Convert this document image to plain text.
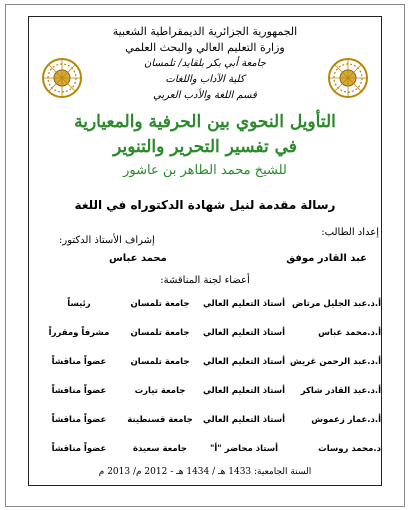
الجمهورية الجزائرية الديمقراطية الشعبية
وزارة التعليم العالي والبحث العلمي
جامعة أبي بكر بلقايد/ تلمسان
كلية الآداب واللغات
قسم اللغة والأدب العربي
التأويل النحوي بين الحرفية والمعيارية
في تفسير التحرير والتنوير
للشيخ محمد الطاهر بن عاشور
رسالة مقدمة لنيل شهادة الدكتوراه في اللغة
إعداد الطالب:
إشراف الأستاذ الدكتور:
عبد القادر موفق
محمد عباس
أعضاء لجنة المناقشة:
أ.د.عبد الجليل مرتاض
أستاذ التعليم العالي
جامعة تلمسان
رئيساً
أ.د.محمد عباس
أستاذ التعليم العالي
جامعة تلمسان
مشرفاً ومقرراً
أ.د.عبد الرحمن غريش
أستاذ التعليم العالي
جامعة تلمسان
عضواً مناقشاً
أ.د.عبد القادر شاكر
أستاذ التعليم العالي
جامعة تيارت
عضواً مناقشاً
أ.د.عمار زعموش
أستاذ التعليم العالي
جامعة قسنطينة
عضواً مناقشاً
د.محمد روسات
أستاذ محاضر "أ"
جامعة سعيدة
عضواً مناقشاً
السنة الجامعية: 1433 هـ / 1434 هـ - 2012 م/ 2013 م
